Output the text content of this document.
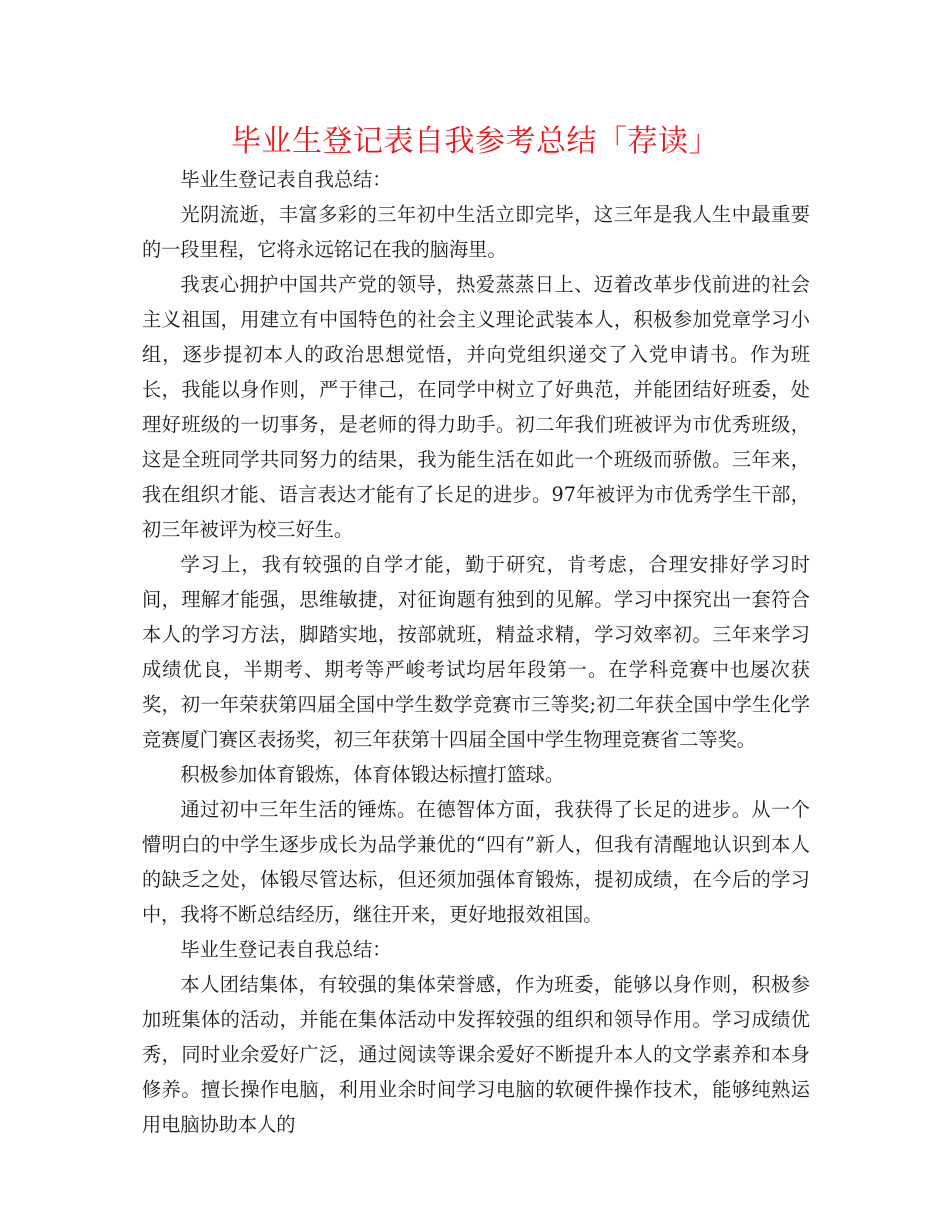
毕业生登记表自我参考总结「荐读」

毕业生登记表自我总结：

光阴流逝，丰富多彩的三年初中生活立即完毕，这三年是我人生中最重要的一段里程，它将永远铭记在我的脑海里。

我衷心拥护中国共产党的领导，热爱蒸蒸日上、迈着改革步伐前进的社会主义祖国，用建立有中国特色的社会主义理论武装本人，积极参加党章学习小组，逐步提初本人的政治思想觉悟，并向党组织递交了入党申请书。作为班长，我能以身作则，严于律己，在同学中树立了好典范，并能团结好班委，处理好班级的一切事务，是老师的得力助手。初二年我们班被评为市优秀班级，这是全班同学共同努力的结果，我为能生活在如此一个班级而骄傲。三年来，我在组织才能、语言表达才能有了长足的进步。97年被评为市优秀学生干部，初三年被评为校三好生。

学习上，我有较强的自学才能，勤于研究，肯考虑，合理安排好学习时间，理解才能强，思维敏捷，对征询题有独到的见解。学习中探究出一套符合本人的学习方法，脚踏实地，按部就班，精益求精，学习效率初。三年来学习成绩优良，半期考、期考等严峻考试均居年段第一。在学科竞赛中也屡次获奖，初一年荣获第四届全国中学生数学竞赛市三等奖;初二年获全国中学生化学竞赛厦门赛区表扬奖，初三年获第十四届全国中学生物理竞赛省二等奖。

积极参加体育锻炼，体育体锻达标擅打篮球。

通过初中三年生活的锤炼。在德智体方面，我获得了长足的进步。从一个懵明白的中学生逐步成长为品学兼优的“四有”新人，但我有清醒地认识到本人的缺乏之处，体锻尽管达标，但还须加强体育锻炼，提初成绩，在今后的学习中，我将不断总结经历，继往开来，更好地报效祖国。

毕业生登记表自我总结：

本人团结集体，有较强的集体荣誉感，作为班委，能够以身作则，积极参加班集体的活动，并能在集体活动中发挥较强的组织和领导作用。学习成绩优秀，同时业余爱好广泛，通过阅读等课余爱好不断提升本人的文学素养和本身修养。擅长操作电脑，利用业余时间学习电脑的软硬件操作技术，能够纯熟运用电脑协助本人的
